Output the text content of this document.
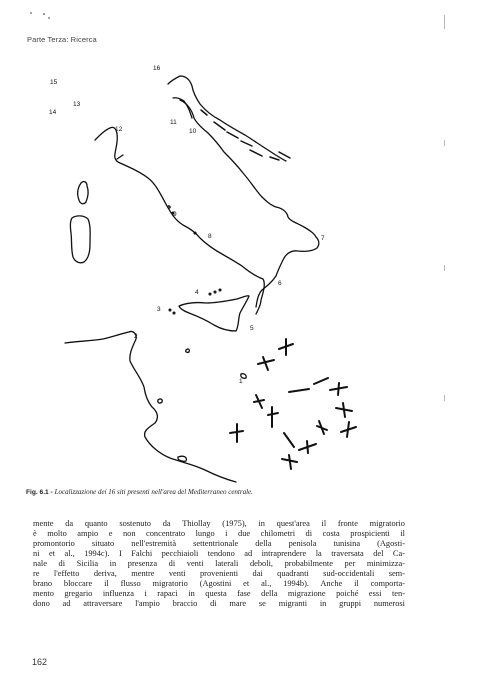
Parte Terza: Ricerca
1
2
3
4
5
6
7
8
9
10
11
12
13
14
15
16
Fig. 6.1 - Localizzazione dei 16 siti presenti nell'area del Mediterraneo centrale.
mente da quanto sostenuto da Thiollay (1975), in quest'area il fronte migratorio
è molto ampio e non concentrato lungo i due chilometri di costa prospicienti il
promontorio situato nell'estremità settentrionale della penisola tunisina (Agosti-
ni et al., 1994c). I Falchi pecchiaioli tendono ad intraprendere la traversata del Ca-
nale di Sicilia in presenza di venti laterali deboli, probabilmente per minimizza-
re l'effetto deriva, mentre venti provenienti dai quadranti sud-occidentali sem-
brano bloccare il flusso migratorio (Agostini et al., 1994b). Anche il comporta-
mento gregario influenza i rapaci in questa fase della migrazione poiché essi ten-
dono ad attraversare l'ampio braccio di mare se migranti in gruppi numerosi
162
